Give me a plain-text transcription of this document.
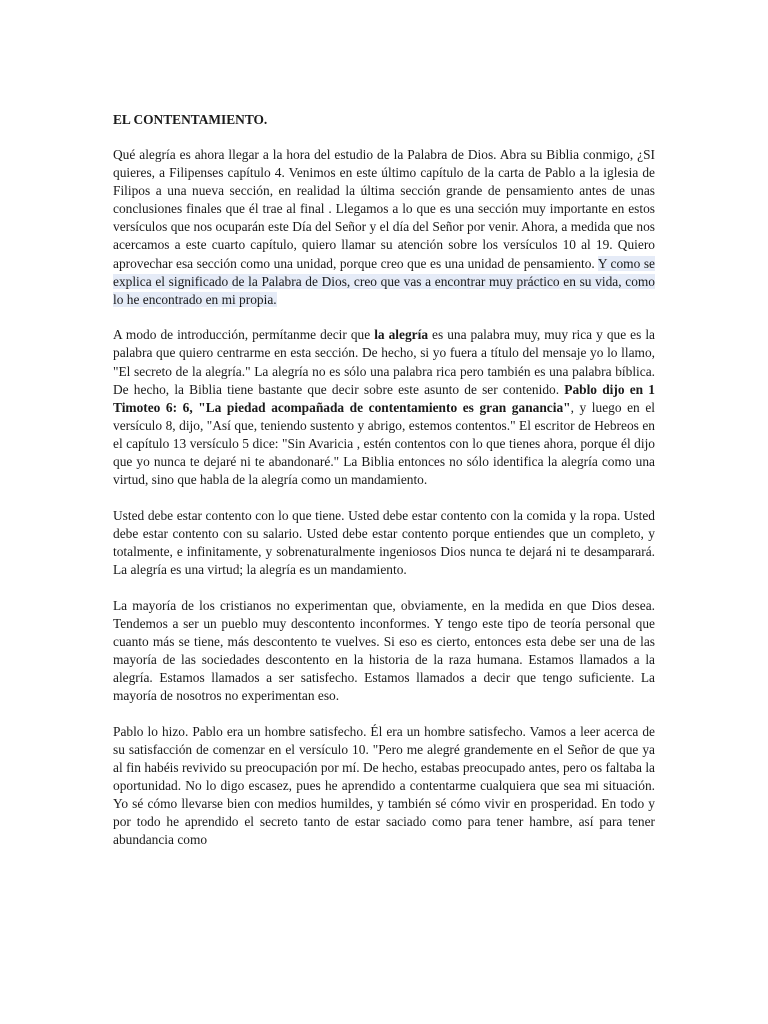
EL CONTENTAMIENTO.

Qué alegría es ahora llegar a la hora del estudio de la Palabra de Dios. Abra su Biblia conmigo, ¿SI quieres, a Filipenses capítulo 4. Venimos en este último capítulo de la carta de Pablo a la iglesia de Filipos a una nueva sección, en realidad la última sección grande de pensamiento antes de unas conclusiones finales que él trae al final . Llegamos a lo que es una sección muy importante en estos versículos que nos ocuparán este Día del Señor y el día del Señor por venir. Ahora, a medida que nos acercamos a este cuarto capítulo, quiero llamar su atención sobre los versículos 10 al 19. Quiero aprovechar esa sección como una unidad, porque creo que es una unidad de pensamiento. Y como se explica el significado de la Palabra de Dios, creo que vas a encontrar muy práctico en su vida, como lo he encontrado en mi propia.

A modo de introducción, permítanme decir que la alegría es una palabra muy, muy rica y que es la palabra que quiero centrarme en esta sección. De hecho, si yo fuera a título del mensaje yo lo llamo, "El secreto de la alegría." La alegría no es sólo una palabra rica pero también es una palabra bíblica. De hecho, la Biblia tiene bastante que decir sobre este asunto de ser contenido. Pablo dijo en 1 Timoteo 6: 6, "La piedad acompañada de contentamiento es gran ganancia", y luego en el versículo 8, dijo, "Así que, teniendo sustento y abrigo, estemos contentos." El escritor de Hebreos en el capítulo 13 versículo 5 dice: "Sin Avaricia , estén contentos con lo que tienes ahora, porque él dijo que yo nunca te dejaré ni te abandonaré." La Biblia entonces no sólo identifica la alegría como una virtud, sino que habla de la alegría como un mandamiento.

Usted debe estar contento con lo que tiene. Usted debe estar contento con la comida y la ropa. Usted debe estar contento con su salario. Usted debe estar contento porque entiendes que un completo, y totalmente, e infinitamente, y sobrenaturalmente ingeniosos Dios nunca te dejará ni te desamparará. La alegría es una virtud; la alegría es un mandamiento.

La mayoría de los cristianos no experimentan que, obviamente, en la medida en que Dios desea. Tendemos a ser un pueblo muy descontento inconformes. Y tengo este tipo de teoría personal que cuanto más se tiene, más descontento te vuelves. Si eso es cierto, entonces esta debe ser una de las mayoría de las sociedades descontento en la historia de la raza humana. Estamos llamados a la alegría. Estamos llamados a ser satisfecho. Estamos llamados a decir que tengo suficiente. La mayoría de nosotros no experimentan eso.

Pablo lo hizo. Pablo era un hombre satisfecho. Él era un hombre satisfecho. Vamos a leer acerca de su satisfacción de comenzar en el versículo 10. "Pero me alegré grandemente en el Señor de que ya al fin habéis revivido su preocupación por mí. De hecho, estabas preocupado antes, pero os faltaba la oportunidad. No lo digo escasez, pues he aprendido a contentarme cualquiera que sea mi situación. Yo sé cómo llevarse bien con medios humildes, y también sé cómo vivir en prosperidad. En todo y por todo he aprendido el secreto tanto de estar saciado como para tener hambre, así para tener abundancia como
